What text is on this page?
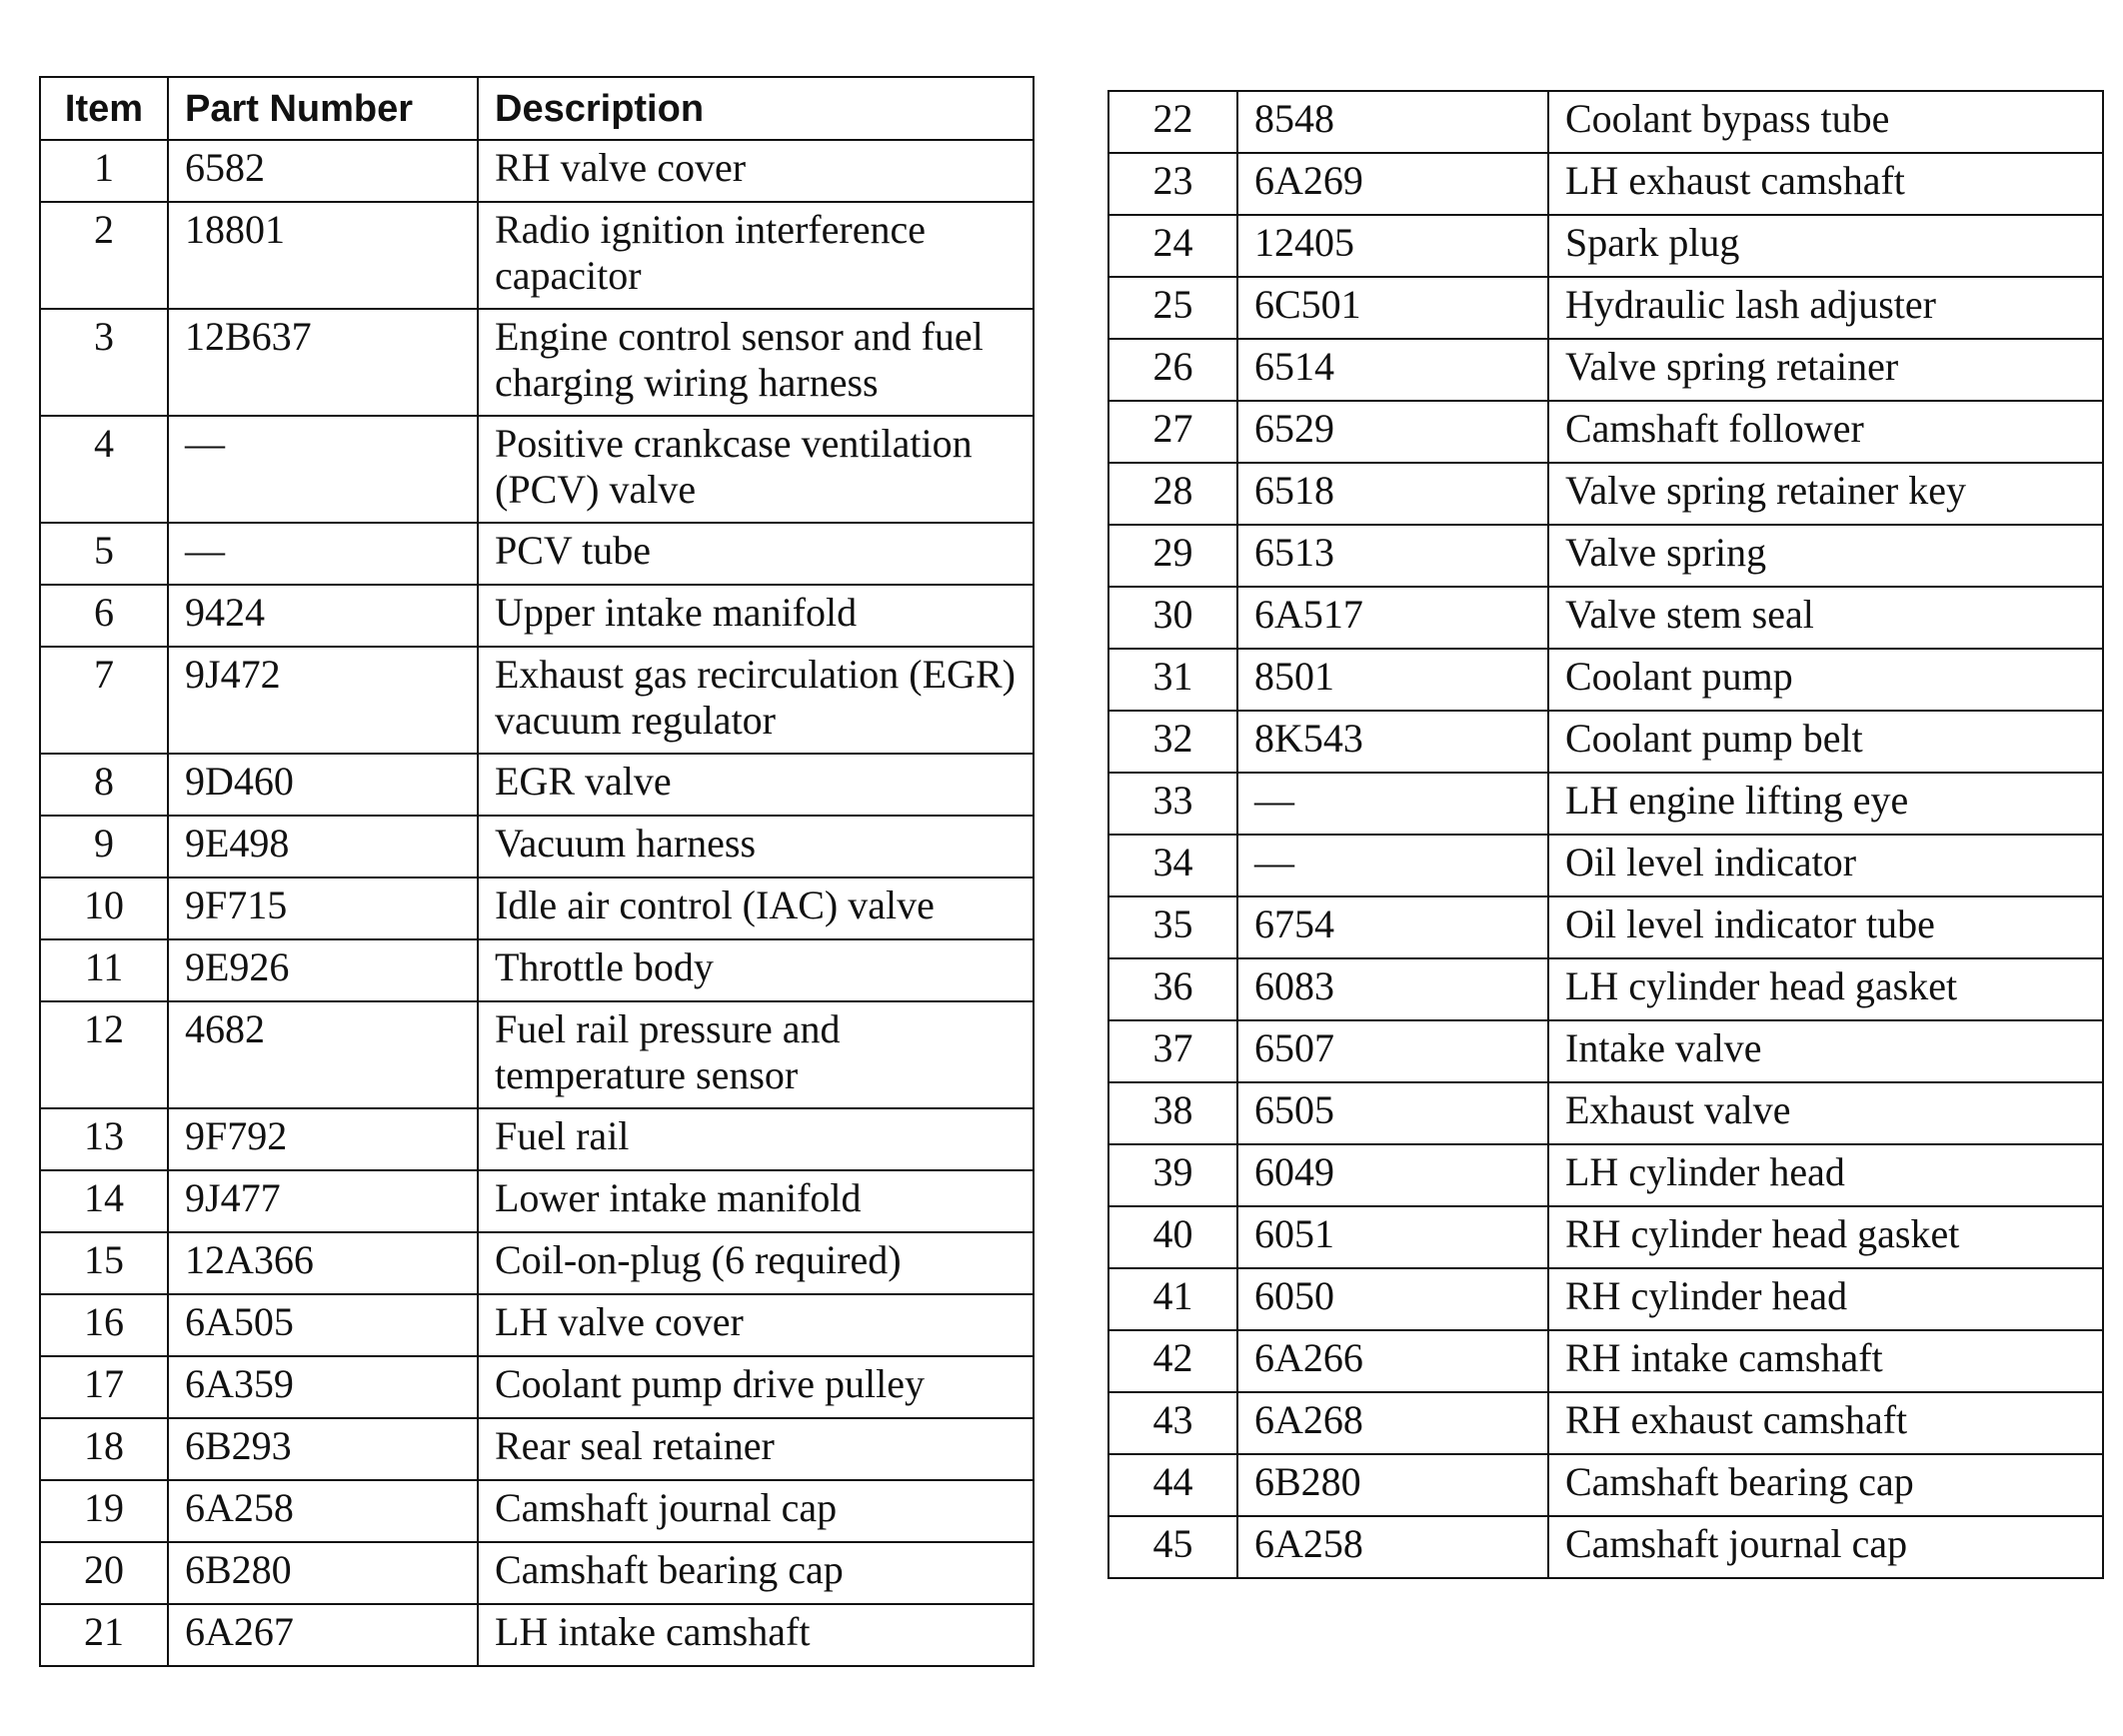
Item	Part Number	Description
1	6582	RH valve cover
2	18801	Radio ignition interference capacitor
3	12B637	Engine control sensor and fuel charging wiring harness
4	—	Positive crankcase ventilation (PCV) valve
5	—	PCV tube
6	9424	Upper intake manifold
7	9J472	Exhaust gas recirculation (EGR) vacuum regulator
8	9D460	EGR valve
9	9E498	Vacuum harness
10	9F715	Idle air control (IAC) valve
11	9E926	Throttle body
12	4682	Fuel rail pressure and temperature sensor
13	9F792	Fuel rail
14	9J477	Lower intake manifold
15	12A366	Coil-on-plug (6 required)
16	6A505	LH valve cover
17	6A359	Coolant pump drive pulley
18	6B293	Rear seal retainer
19	6A258	Camshaft journal cap
20	6B280	Camshaft bearing cap
21	6A267	LH intake camshaft
22	8548	Coolant bypass tube
23	6A269	LH exhaust camshaft
24	12405	Spark plug
25	6C501	Hydraulic lash adjuster
26	6514	Valve spring retainer
27	6529	Camshaft follower
28	6518	Valve spring retainer key
29	6513	Valve spring
30	6A517	Valve stem seal
31	8501	Coolant pump
32	8K543	Coolant pump belt
33	—	LH engine lifting eye
34	—	Oil level indicator
35	6754	Oil level indicator tube
36	6083	LH cylinder head gasket
37	6507	Intake valve
38	6505	Exhaust valve
39	6049	LH cylinder head
40	6051	RH cylinder head gasket
41	6050	RH cylinder head
42	6A266	RH intake camshaft
43	6A268	RH exhaust camshaft
44	6B280	Camshaft bearing cap
45	6A258	Camshaft journal cap
